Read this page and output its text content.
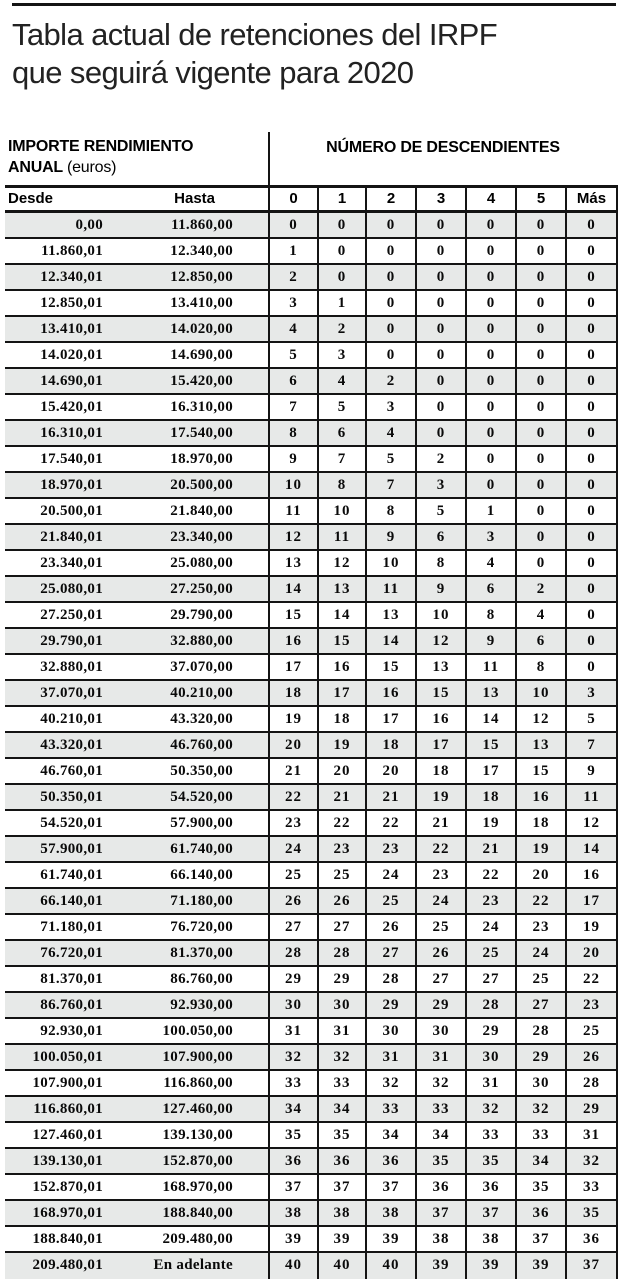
Tabla actual de retenciones del IRPF
que seguirá vigente para 2020
IMPORTE RENDIMIENTO
ANUAL (euros)
NÚMERO DE DESCENDIENTES
Desde	Hasta	0	1	2	3	4	5	Más
0,00	11.860,00	0	0	0	0	0	0	0
11.860,01	12.340,00	1	0	0	0	0	0	0
12.340,01	12.850,00	2	0	0	0	0	0	0
12.850,01	13.410,00	3	1	0	0	0	0	0
13.410,01	14.020,00	4	2	0	0	0	0	0
14.020,01	14.690,00	5	3	0	0	0	0	0
14.690,01	15.420,00	6	4	2	0	0	0	0
15.420,01	16.310,00	7	5	3	0	0	0	0
16.310,01	17.540,00	8	6	4	0	0	0	0
17.540,01	18.970,00	9	7	5	2	0	0	0
18.970,01	20.500,00	10	8	7	3	0	0	0
20.500,01	21.840,00	11	10	8	5	1	0	0
21.840,01	23.340,00	12	11	9	6	3	0	0
23.340,01	25.080,00	13	12	10	8	4	0	0
25.080,01	27.250,00	14	13	11	9	6	2	0
27.250,01	29.790,00	15	14	13	10	8	4	0
29.790,01	32.880,00	16	15	14	12	9	6	0
32.880,01	37.070,00	17	16	15	13	11	8	0
37.070,01	40.210,00	18	17	16	15	13	10	3
40.210,01	43.320,00	19	18	17	16	14	12	5
43.320,01	46.760,00	20	19	18	17	15	13	7
46.760,01	50.350,00	21	20	20	18	17	15	9
50.350,01	54.520,00	22	21	21	19	18	16	11
54.520,01	57.900,00	23	22	22	21	19	18	12
57.900,01	61.740,00	24	23	23	22	21	19	14
61.740,01	66.140,00	25	25	24	23	22	20	16
66.140,01	71.180,00	26	26	25	24	23	22	17
71.180,01	76.720,00	27	27	26	25	24	23	19
76.720,01	81.370,00	28	28	27	26	25	24	20
81.370,01	86.760,00	29	29	28	27	27	25	22
86.760,01	92.930,00	30	30	29	29	28	27	23
92.930,01	100.050,00	31	31	30	30	29	28	25
100.050,01	107.900,00	32	32	31	31	30	29	26
107.900,01	116.860,00	33	33	32	32	31	30	28
116.860,01	127.460,00	34	34	33	33	32	32	29
127.460,01	139.130,00	35	35	34	34	33	33	31
139.130,01	152.870,00	36	36	36	35	35	34	32
152.870,01	168.970,00	37	37	37	36	36	35	33
168.970,01	188.840,00	38	38	38	37	37	36	35
188.840,01	209.480,00	39	39	39	38	38	37	36
209.480,01	En adelante	40	40	40	39	39	39	37
